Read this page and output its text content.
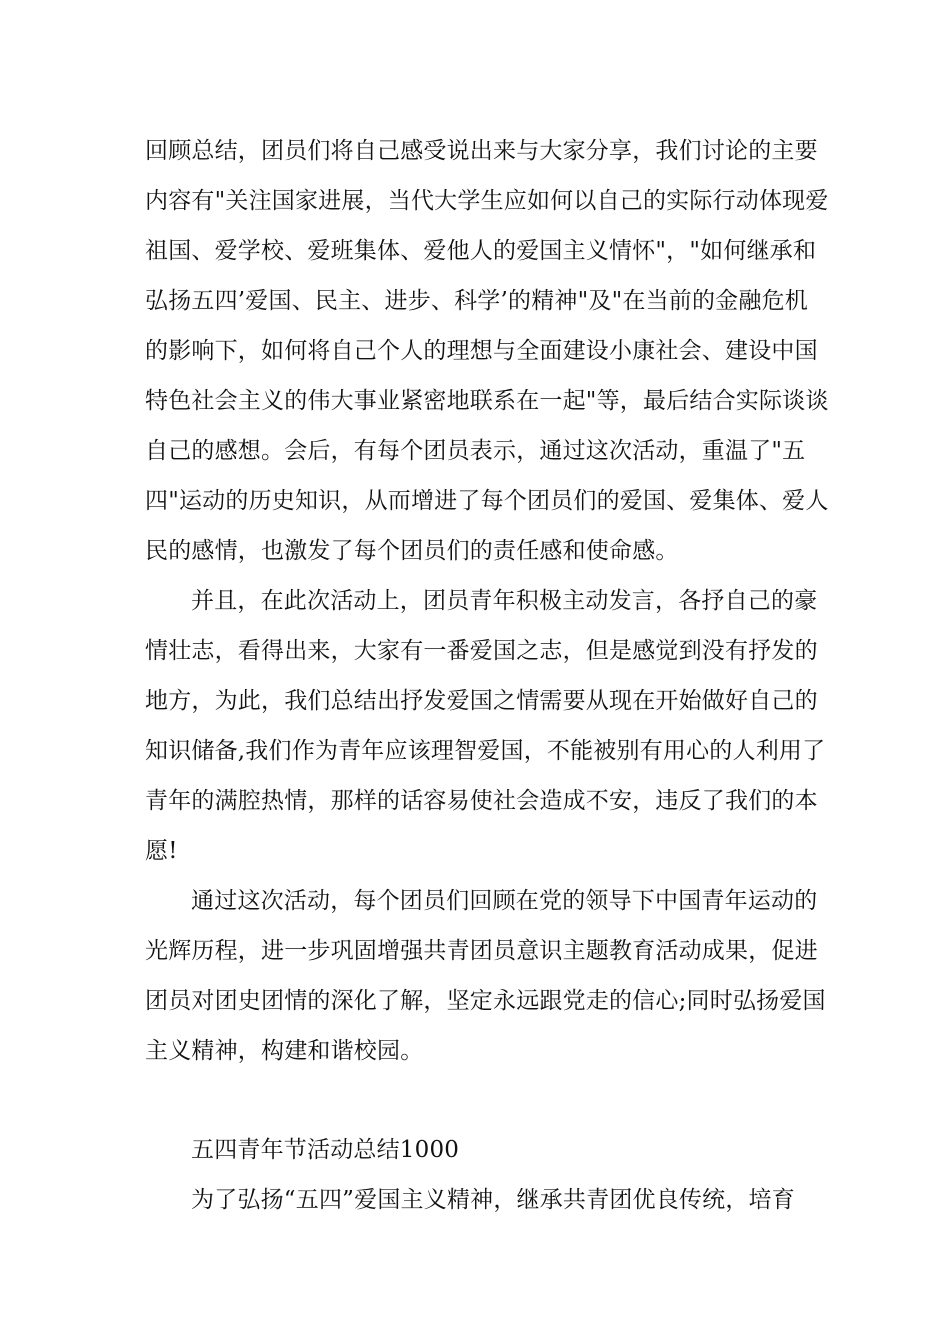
回顾总结，团员们将自己感受说出来与大家分享，我们讨论的主要
内容有"关注国家进展，当代大学生应如何以自己的实际行动体现爱
祖国、爱学校、爱班集体、爱他人的爱国主义情怀"，"如何继承和
弘扬五四’爱国、民主、进步、科学’的精神"及"在当前的金融危机
的影响下，如何将自己个人的理想与全面建设小康社会、建设中国
特色社会主义的伟大事业紧密地联系在一起"等，最后结合实际谈谈
自己的感想。会后，有每个团员表示，通过这次活动，重温了"五
四"运动的历史知识，从而增进了每个团员们的爱国、爱集体、爱人
民的感情，也激发了每个团员们的责任感和使命感。
并且，在此次活动上，团员青年积极主动发言，各抒自己的豪
情壮志，看得出来，大家有一番爱国之志，但是感觉到没有抒发的
地方，为此，我们总结出抒发爱国之情需要从现在开始做好自己的
知识储备,我们作为青年应该理智爱国，不能被别有用心的人利用了
青年的满腔热情，那样的话容易使社会造成不安，违反了我们的本
愿!
通过这次活动，每个团员们回顾在党的领导下中国青年运动的
光辉历程，进一步巩固增强共青团员意识主题教育活动成果，促进
团员对团史团情的深化了解，坚定永远跟党走的信心;同时弘扬爱国
主义精神，构建和谐校园。
五四青年节活动总结1000
为了弘扬“五四”爱国主义精神，继承共青团优良传统，培育
